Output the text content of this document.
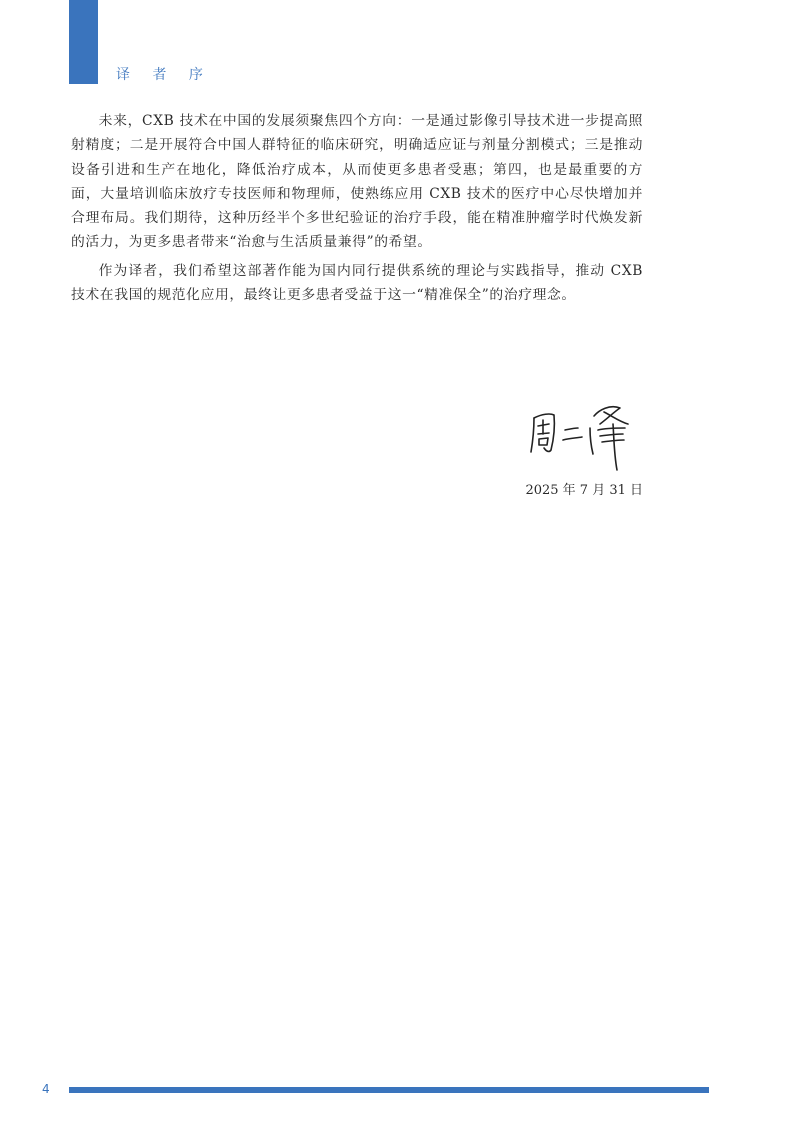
译 者 序

未来，CXB 技术在中国的发展须聚焦四个方向：一是通过影像引导技术进一步提高照射精度；二是开展符合中国人群特征的临床研究，明确适应证与剂量分割模式；三是推动设备引进和生产在地化，降低治疗成本，从而使更多患者受惠；第四，也是最重要的方面，大量培训临床放疗专技医师和物理师，使熟练应用 CXB 技术的医疗中心尽快增加并合理布局。我们期待，这种历经半个多世纪验证的治疗手段，能在精准肿瘤学时代焕发新的活力，为更多患者带来“治愈与生活质量兼得”的希望。

作为译者，我们希望这部著作能为国内同行提供系统的理论与实践指导，推动 CXB 技术在我国的规范化应用，最终让更多患者受益于这一“精准保全”的治疗理念。

2025 年 7 月 31 日
4
